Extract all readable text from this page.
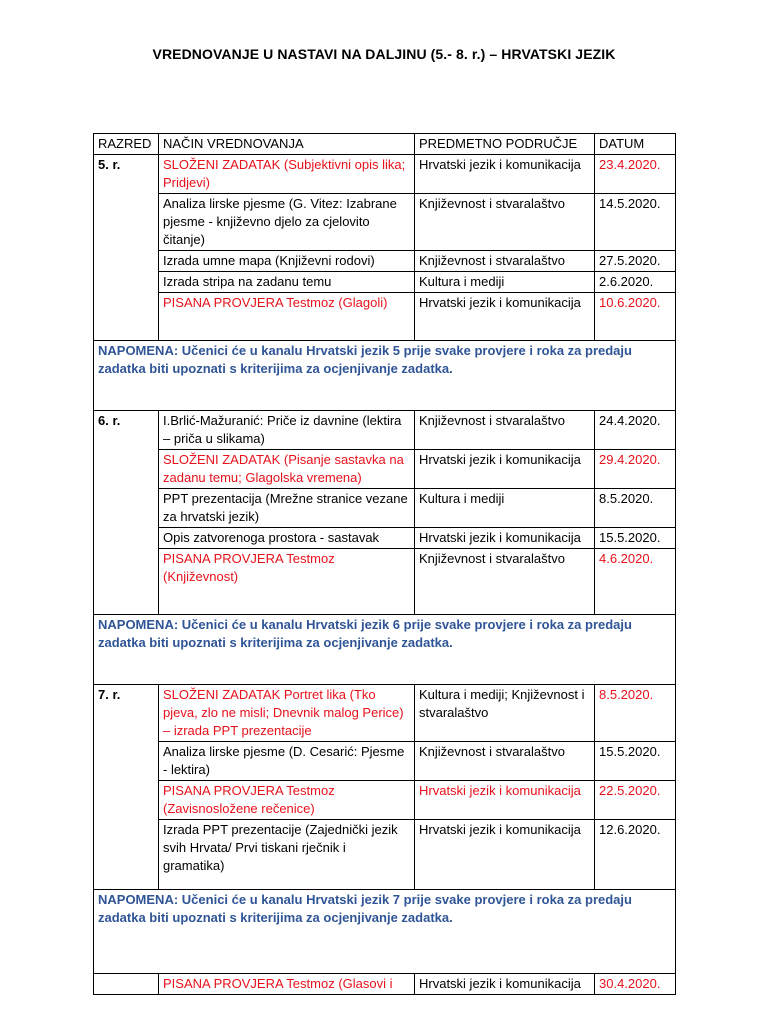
VREDNOVANJE U NASTAVI NA DALJINU (5.- 8. r.) – HRVATSKI JEZIK
RAZRED	NAČIN VREDNOVANJA	PREDMETNO PODRUČJE	DATUM
5. r.	SLOŽENI ZADATAK (Subjektivni opis lika; Pridjevi)	Hrvatski jezik i komunikacija	23.4.2020.
	Analiza lirske pjesme (G. Vitez: Izabrane pjesme - književno djelo za cjelovito čitanje)	Književnost i stvaralaštvo	14.5.2020.
	Izrada umne mapa (Književni rodovi)	Književnost i stvaralaštvo	27.5.2020.
	Izrada stripa na zadanu temu	Kultura i mediji	2.6.2020.
	PISANA PROVJERA Testmoz (Glagoli)	Hrvatski jezik i komunikacija	10.6.2020.
NAPOMENA: Učenici će u kanalu Hrvatski jezik 5 prije svake provjere i roka za predaju zadatka biti upoznati s kriterijima za ocjenjivanje zadatka.			
6. r.	I.Brlić-Mažuranić: Priče iz davnine (lektira – priča u slikama)	Književnost i stvaralaštvo	24.4.2020.
	SLOŽENI ZADATAK (Pisanje sastavka na zadanu temu; Glagolska vremena)	Hrvatski jezik i komunikacija	29.4.2020.
	PPT prezentacija (Mrežne stranice vezane za hrvatski jezik)	Kultura i mediji	8.5.2020.
	Opis zatvorenoga prostora - sastavak	Hrvatski jezik i komunikacija	15.5.2020.
	PISANA PROVJERA Testmoz (Književnost)	Književnost i stvaralaštvo	4.6.2020.
NAPOMENA: Učenici će u kanalu Hrvatski jezik 6 prije svake provjere i roka za predaju zadatka biti upoznati s kriterijima za ocjenjivanje zadatka.			
7. r.	SLOŽENI ZADATAK Portret lika (Tko pjeva, zlo ne misli; Dnevnik malog Perice) – izrada PPT prezentacije	Kultura i mediji; Književnost i stvaralaštvo	8.5.2020.
	Analiza lirske pjesme (D. Cesarić: Pjesme - lektira)	Književnost i stvaralaštvo	15.5.2020.
	PISANA PROVJERA Testmoz (Zavisnosložene rečenice)	Hrvatski jezik i komunikacija	22.5.2020.
	Izrada PPT prezentacije (Zajednički jezik svih Hrvata/ Prvi tiskani rječnik i gramatika)	Hrvatski jezik i komunikacija	12.6.2020.
NAPOMENA: Učenici će u kanalu Hrvatski jezik 7 prije svake provjere i roka za predaju zadatka biti upoznati s kriterijima za ocjenjivanje zadatka.			
	PISANA PROVJERA Testmoz (Glasovi i	Hrvatski jezik i komunikacija	30.4.2020.
